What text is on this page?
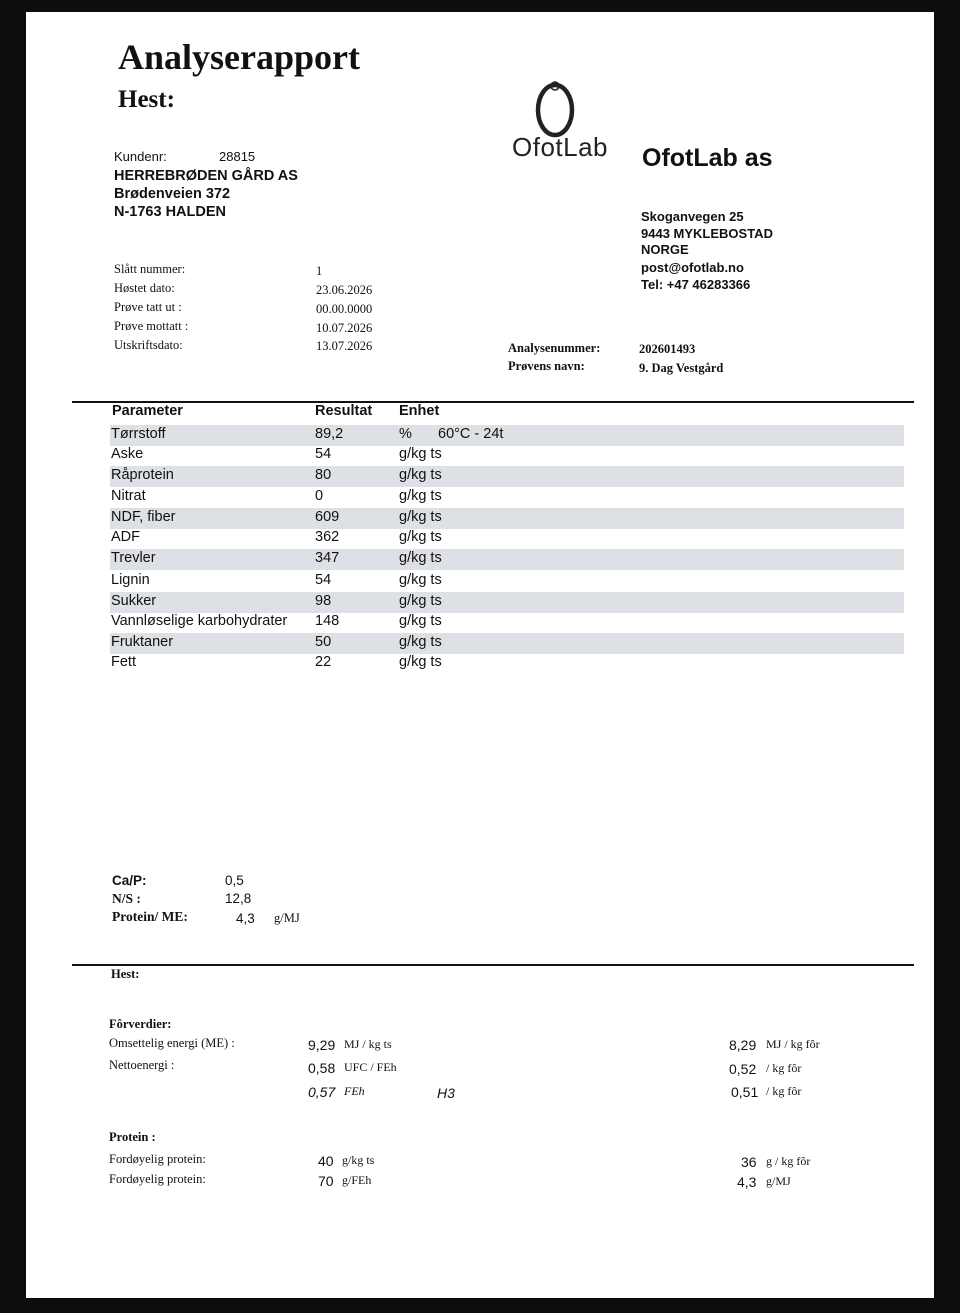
Analyserapport
Hest:
Kundenr:	28815
HERREBRØDEN GÅRD AS
Brødenveien 372
N-1763 HALDEN
Slått nummer:	1
Høstet dato:	23.06.2026
Prøve tatt ut :	00.00.0000
Prøve mottatt :	10.07.2026
Utskriftsdato:	13.07.2026
OfotLab OfotLab as
Skoganvegen 25
9443 MYKLEBOSTAD
NORGE
post@ofotlab.no
Tel: +47 46283366
Analysenummer:	202601493
Prøvens navn:	9. Dag Vestgård
Parameter	Resultat Enhet
Tørrstoff	89,2	% 60°C - 24t
Aske	54	g/kg ts
Råprotein	80	g/kg ts
Nitrat	0	g/kg ts
NDF, fiber	609	g/kg ts
ADF	362	g/kg ts
Trevler	347	g/kg ts
Lignin	54	g/kg ts
Sukker	98	g/kg ts
Vannløselige karbohydrater 148	g/kg ts
Fruktaner	50	g/kg ts
Fett	22	g/kg ts
Ca/P:	0,5
N/S :	12,8
Protein/ ME:	4,3 g/MJ
Hest:
Fôrverdier:
Omsettelig energi (ME) :	9,29 MJ / kg ts	8,29 MJ / kg fôr
Nettoenergi :	0,58 UFC / FEh	0,52 / kg fôr
0,57 FEh	H3	0,51 / kg fôr
Protein :
Fordøyelig protein:	40 g/kg ts	36 g / kg fôr
Fordøyelig protein:	70 g/FEh	4,3 g/MJ
